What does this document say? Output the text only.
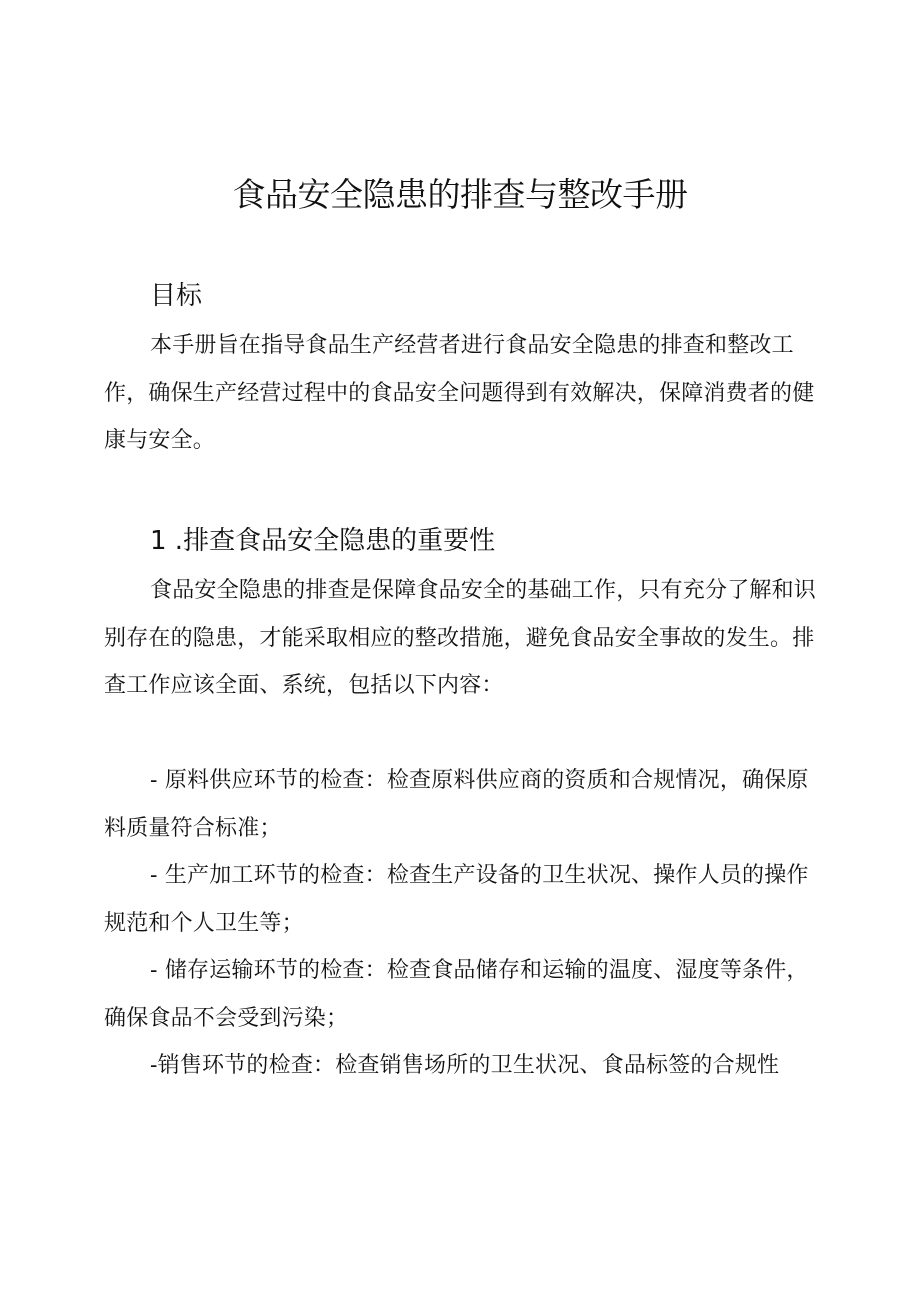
食品安全隐患的排查与整改手册
目标

本手册旨在指导食品生产经营者进行食品安全隐患的排查和整改工作，确保生产经营过程中的食品安全问题得到有效解决，保障消费者的健康与安全。

1 .排查食品安全隐患的重要性

食品安全隐患的排查是保障食品安全的基础工作，只有充分了解和识别存在的隐患，才能采取相应的整改措施，避免食品安全事故的发生。排查工作应该全面、系统，包括以下内容：

- 原料供应环节的检查：检查原料供应商的资质和合规情况，确保原料质量符合标准；

- 生产加工环节的检查：检查生产设备的卫生状况、操作人员的操作规范和个人卫生等；

- 储存运输环节的检查：检查食品储存和运输的温度、湿度等条件，确保食品不会受到污染；

-销售环节的检查：检查销售场所的卫生状况、食品标签的合规性
